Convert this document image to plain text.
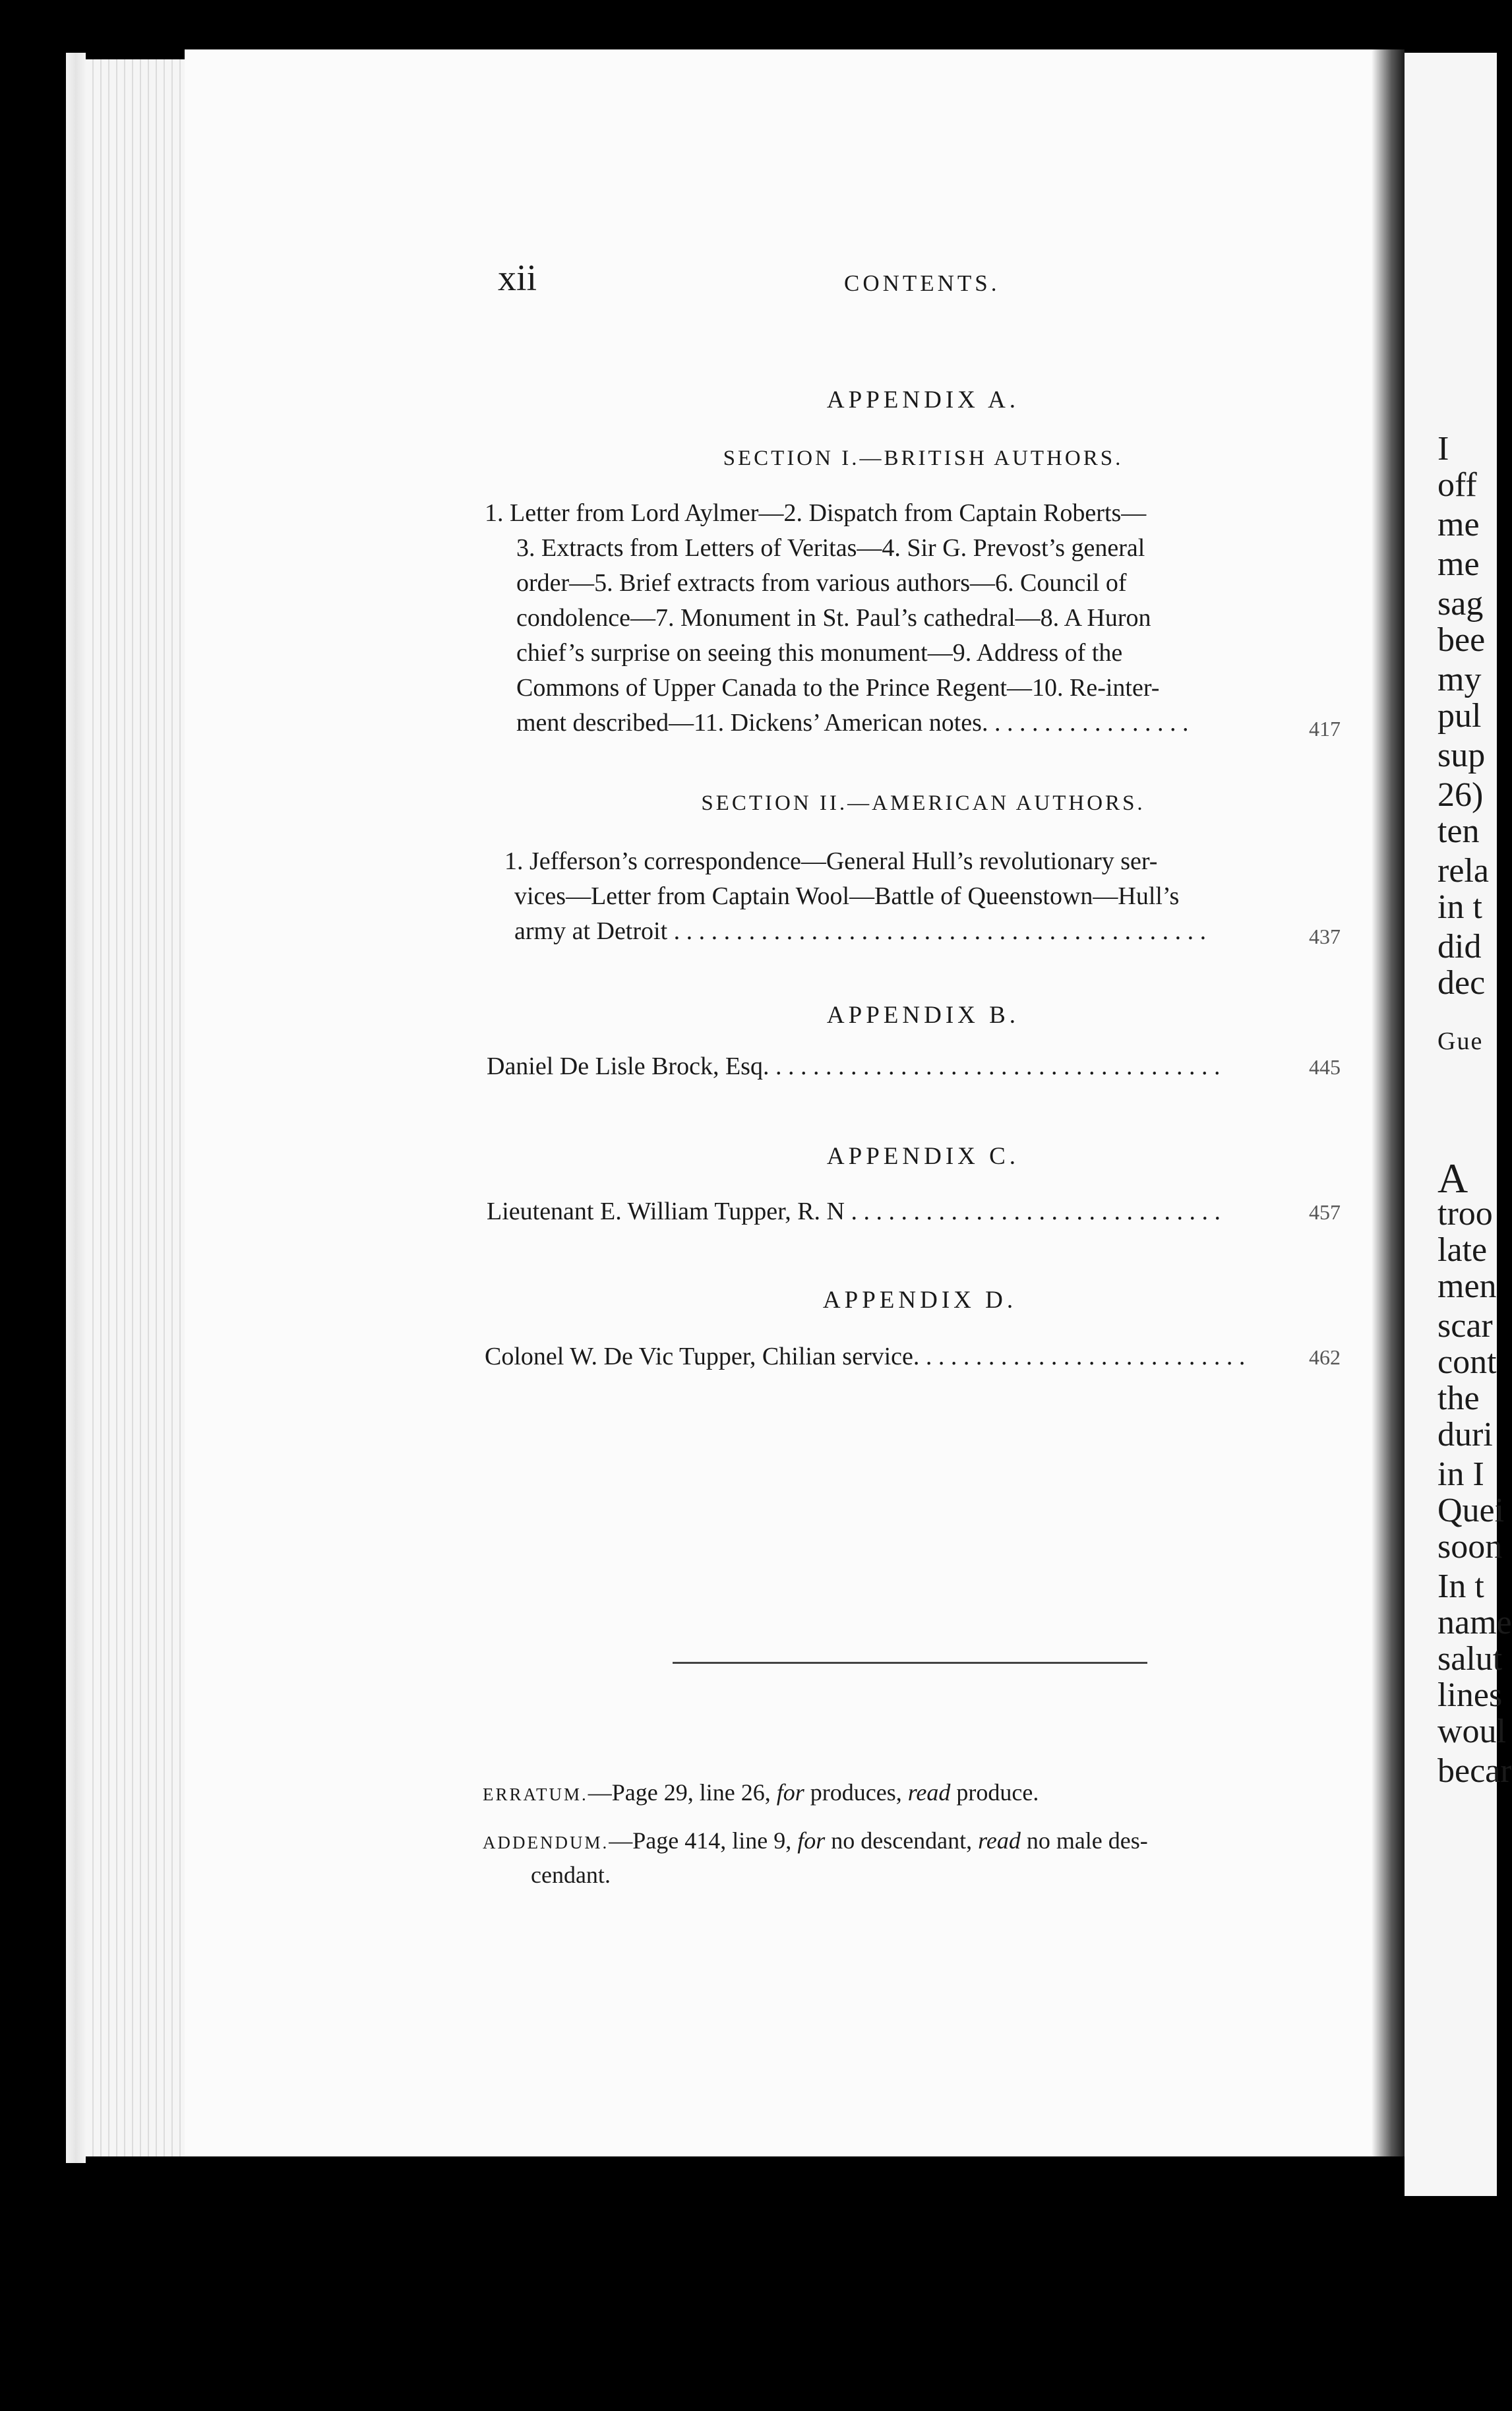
I
off
me
me
sag
bee
my
pul
sup
26)
ten
rela
in t
did
dec
Gue
A
troo
late
men
scar
cont
the
duri
in I
Quei
soon
In t
name
salut
lines
woul
becar
xii	CONTENTS.
APPENDIX A.
SECTION I.—BRITISH AUTHORS.
1. Letter from Lord Aylmer—2. Dispatch from Captain Roberts—
3. Extracts from Letters of Veritas—4. Sir G. Prevost’s general
order—5. Brief extracts from various authors—6. Council of
condolence—7. Monument in St. Paul’s cathedral—8. A Huron
chief’s surprise on seeing this monument—9. Address of the
Commons of Upper Canada to the Prince Regent—10. Re-inter-
ment described—11. Dickens’ American notes. . . . . . . . . . . . . . . . .	417
SECTION II.—AMERICAN AUTHORS.
1. Jefferson’s correspondence—General Hull’s revolutionary ser-
vices—Letter from Captain Wool—Battle of Queenstown—Hull’s
army at Detroit . . . . . . . . . . . . . . . . . . . . . . . . . . . . . . . . . . . . . . . . . . .	437
APPENDIX B.
Daniel De Lisle Brock, Esq. . . . . . . . . . . . . . . . . . . . . . . . . . . . . . . . . . . . .	445
APPENDIX C.
Lieutenant E. William Tupper, R. N . . . . . . . . . . . . . . . . . . . . . . . . . . . . . .	457
APPENDIX D.
Colonel W. De Vic Tupper, Chilian service. . . . . . . . . . . . . . . . . . . . . . . . . . .	462
ERRATUM.—Page 29, line 26, for produces, read produce.
ADDENDUM.—Page 414, line 9, for no descendant, read no male des-
cendant.
